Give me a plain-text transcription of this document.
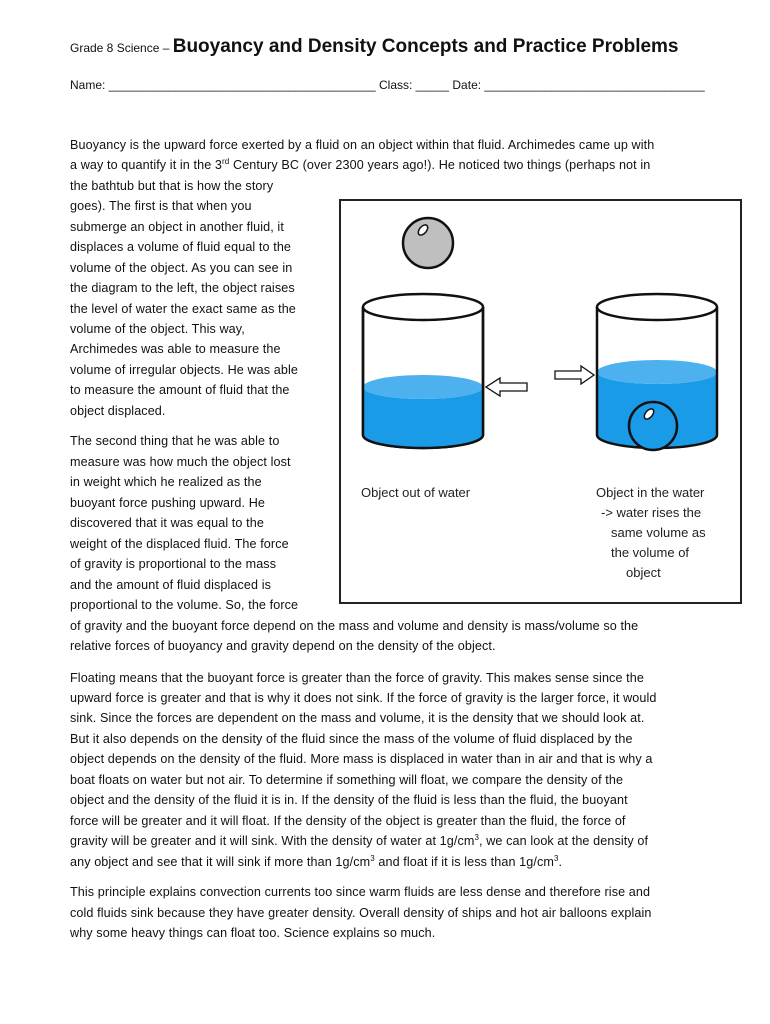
Grade 8 Science – Buoyancy and Density Concepts and Practice Problems
Name: ________________________________________ Class: _____ Date: _________________________________
Buoyancy is the upward force exerted by a fluid on an object within that fluid. Archimedes came up with
a way to quantify it in the 3rd Century BC (over 2300 years ago!). He noticed two things (perhaps not in
the bathtub but that is how the story
goes). The first is that when you
submerge an object in another fluid, it
displaces a volume of fluid equal to the
volume of the object. As you can see in
the diagram to the left, the object raises
the level of water the exact same as the
volume of the object. This way,
Archimedes was able to measure the
volume of irregular objects. He was able
to measure the amount of fluid that the
object displaced.
The second thing that he was able to
measure was how much the object lost
in weight which he realized as the
buoyant force pushing upward. He
discovered that it was equal to the
weight of the displaced fluid. The force
of gravity is proportional to the mass
and the amount of fluid displaced is
proportional to the volume. So, the force
of gravity and the buoyant force depend on the mass and volume and density is mass/volume so the
relative forces of buoyancy and gravity depend on the density of the object.
Floating means that the buoyant force is greater than the force of gravity. This makes sense since the
upward force is greater and that is why it does not sink. If the force of gravity is the larger force, it would
sink. Since the forces are dependent on the mass and volume, it is the density that we should look at.
But it also depends on the density of the fluid since the mass of the volume of fluid displaced by the
object depends on the density of the fluid. More mass is displaced in water than in air and that is why a
boat floats on water but not air. To determine if something will float, we compare the density of the
object and the density of the fluid it is in. If the density of the fluid is less than the fluid, the buoyant
force will be greater and it will float. If the density of the object is greater than the fluid, the force of
gravity will be greater and it will sink. With the density of water at $1g/cm^3$, we can look at the density of
any object and see that it will sink if more than $1g/cm^3$ and float if it is less than $1g/cm^3$.
This principle explains convection currents too since warm fluids are less dense and therefore rise and
cold fluids sink because they have greater density. Overall density of ships and hot air balloons explain
why some heavy things can float too. Science explains so much.
Object out of water	Object in the water
-> water rises the
same volume as
the volume of
object
